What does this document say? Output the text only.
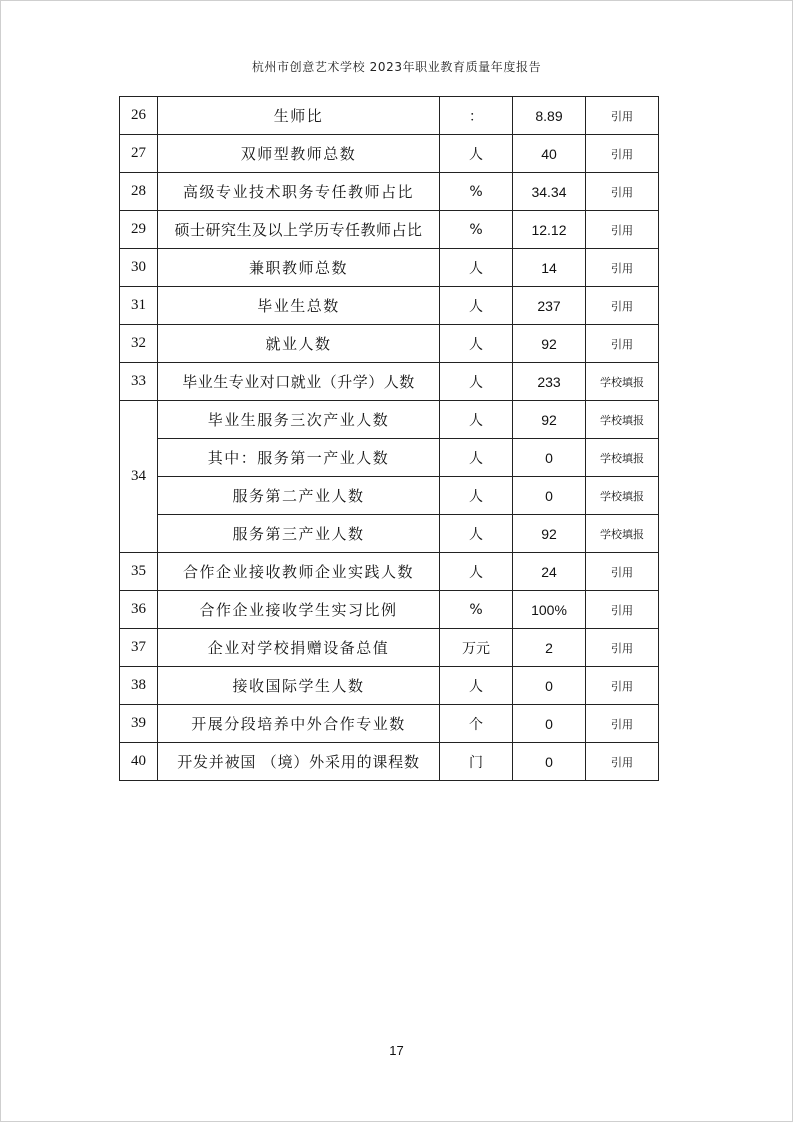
杭州市创意艺术学校 2023年职业教育质量年度报告
26	生师比	：	8.89	引用
27	双师型教师总数	人	40	引用
28	高级专业技术职务专任教师占比	%	34.34	引用
29	硕士研究生及以上学历专任教师占比	%	12.12	引用
30	兼职教师总数	人	14	引用
31	毕业生总数	人	237	引用
32	就业人数	人	92	引用
33	毕业生专业对口就业（升学）人数	人	233	学校填报
34	毕业生服务三次产业人数	人	92	学校填报
	其中：服务第一产业人数	人	0	学校填报
	服务第二产业人数	人	0	学校填报
	服务第三产业人数	人	92	学校填报
35	合作企业接收教师企业实践人数	人	24	引用
36	合作企业接收学生实习比例	%	100%	引用
37	企业对学校捐赠设备总值	万元	2	引用
38	接收国际学生人数	人	0	引用
39	开展分段培养中外合作专业数	个	0	引用
40	开发并被国 （境）外采用的课程数	门	0	引用
17
